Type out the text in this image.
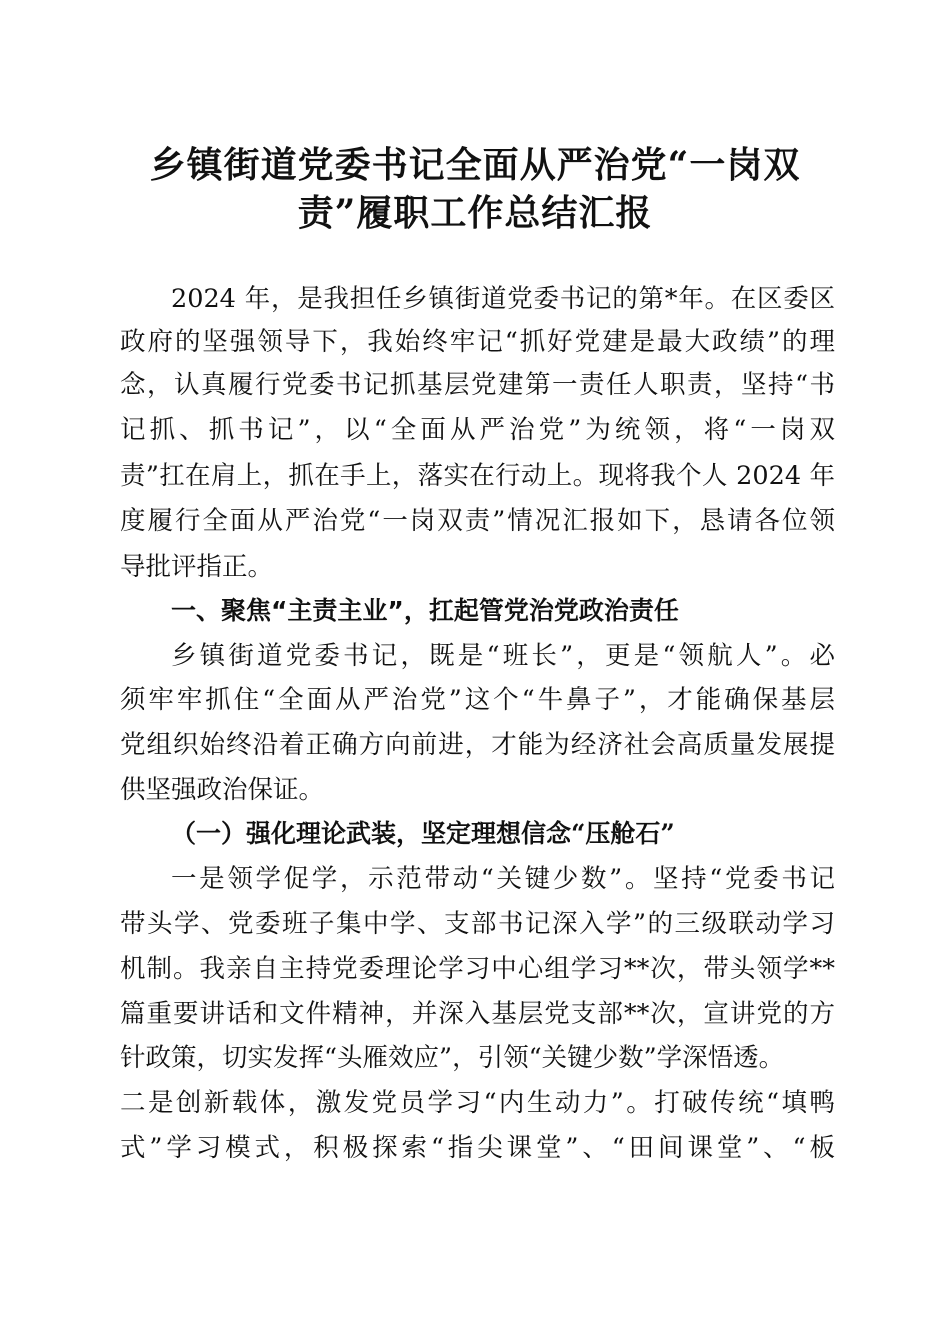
乡镇街道党委书记全面从严治党“一岗双
责”履职工作总结汇报

2024 年，是我担任乡镇街道党委书记的第*年。在区委区

政府的坚强领导下，我始终牢记“抓好党建是最大政绩”的理

念，认真履行党委书记抓基层党建第一责任人职责，坚持“书

记抓、抓书记”，以“全面从严治党”为统领，将“一岗双

责”扛在肩上，抓在手上，落实在行动上。现将我个人 2024 年

度履行全面从严治党“一岗双责”情况汇报如下，恳请各位领

导批评指正。

一、聚焦“主责主业”，扛起管党治党政治责任

乡镇街道党委书记，既是“班长”，更是“领航人”。必

须牢牢抓住“全面从严治党”这个“牛鼻子”，才能确保基层

党组织始终沿着正确方向前进，才能为经济社会高质量发展提

供坚强政治保证。

（一）强化理论武装，坚定理想信念“压舱石”

一是领学促学，示范带动“关键少数”。坚持“党委书记

带头学、党委班子集中学、支部书记深入学”的三级联动学习

机制。我亲自主持党委理论学习中心组学习**次，带头领学**

篇重要讲话和文件精神，并深入基层党支部**次，宣讲党的方

针政策，切实发挥“头雁效应”，引领“关键少数”学深悟透。

二是创新载体，激发党员学习“内生动力”。打破传统“填鸭

式”学习模式，积极探索“指尖课堂”、“田间课堂”、“板
